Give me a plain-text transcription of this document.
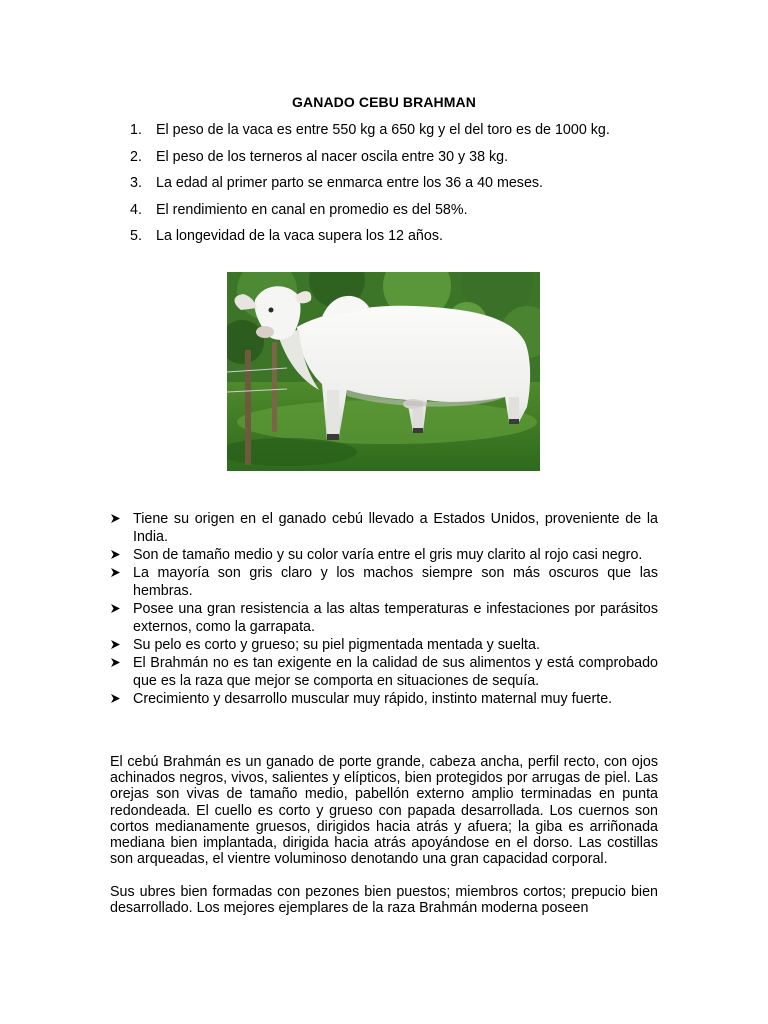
GANADO CEBU BRAHMAN
1. El peso de la vaca es entre 550 kg a 650 kg y el del toro es de 1000 kg.
2. El peso de los terneros al nacer oscila entre 30 y 38 kg.
3. La edad al primer parto se enmarca entre los 36 a 40 meses.
4. El rendimiento en canal en promedio es del 58%.
5. La longevidad de la vaca supera los 12 años.
Tiene su origen en el ganado cebú llevado a Estados Unidos, proveniente de la India.
Son de tamaño medio y su color varía entre el gris muy clarito al rojo casi negro.
La mayoría son gris claro y los machos siempre son más oscuros que las hembras.
Posee una gran resistencia a las altas temperaturas e infestaciones por parásitos externos, como la garrapata.
Su pelo es corto y grueso; su piel pigmentada mentada y suelta.
El Brahmán no es tan exigente en la calidad de sus alimentos y está comprobado que es la raza que mejor se comporta en situaciones de sequía.
Crecimiento y desarrollo muscular muy rápido, instinto maternal muy fuerte.

El cebú Brahmán es un ganado de porte grande, cabeza ancha, perfil recto, con ojos achinados negros, vivos, salientes y elípticos, bien protegidos por arrugas de piel. Las orejas son vivas de tamaño medio, pabellón externo amplio terminadas en punta redondeada. El cuello es corto y grueso con papada desarrollada. Los cuernos son cortos medianamente gruesos, dirigidos hacia atrás y afuera; la giba es arriñonada mediana bien implantada, dirigida hacia atrás apoyándose en el dorso. Las costillas son arqueadas, el vientre voluminoso denotando una gran capacidad corporal.

Sus ubres bien formadas con pezones bien puestos; miembros cortos; prepucio bien desarrollado. Los mejores ejemplares de la raza Brahmán moderna poseen
